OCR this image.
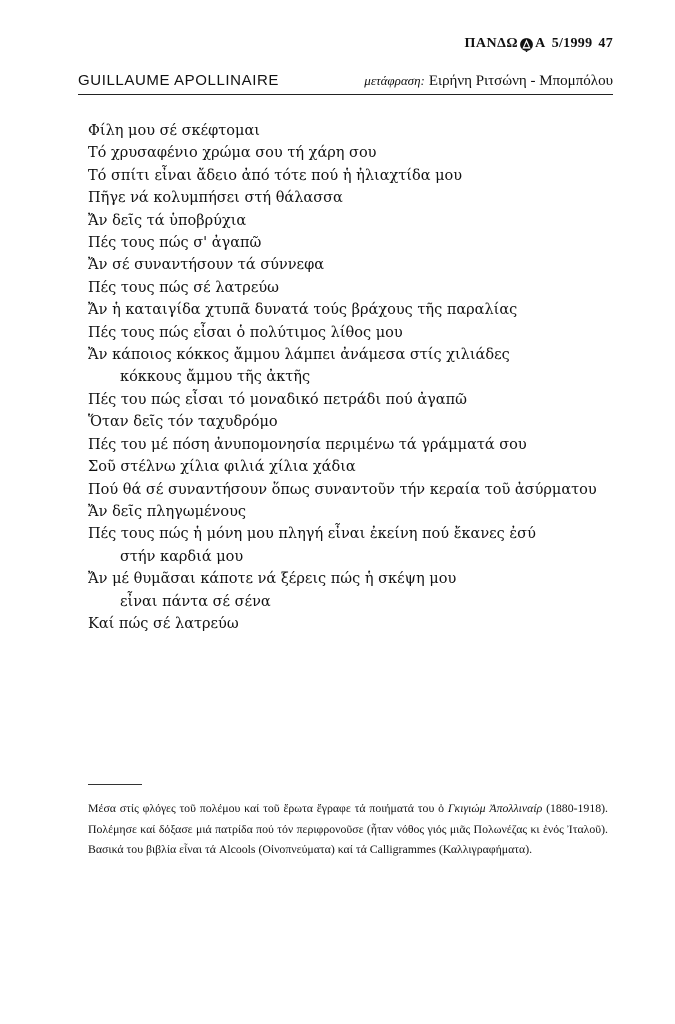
ΠΑΝΔΩ Α 5/1999 47
GUILLAUME APOLLINAIRE	μετάφραση: Ειρήνη Ριτσώνη - Μπομπόλου
Φίλη μου σέ σκέφτομαι
Τό χρυσαφένιο χρώμα σου τή χάρη σου
Τό σπίτι εἶναι ἄδειο ἀπό τότε πού ἡ ἠλιαχτίδα μου
Πῆγε νά κολυμπήσει στή θάλασσα
Ἄν δεῖς τά ὑποβρύχια
Πές τους πώς σ' ἀγαπῶ
Ἄν σέ συναντήσουν τά σύννεφα
Πές τους πώς σέ λατρεύω
Ἄν ἡ καταιγίδα χτυπᾶ δυνατά τούς βράχους τῆς παραλίας
Πές τους πώς εἶσαι ὁ πολύτιμος λίθος μου
Ἄν κάποιος κόκκος ἄμμου λάμπει ἀνάμεσα στίς χιλιάδες
κόκκους ἄμμου τῆς ἀκτῆς
Πές του πώς εἶσαι τό μοναδικό πετράδι πού ἀγαπῶ
Ὅταν δεῖς τόν ταχυδρόμο
Πές του μέ πόση ἀνυπομονησία περιμένω τά γράμματά σου
Σοῦ στέλνω χίλια φιλιά χίλια χάδια
Πού θά σέ συναντήσουν ὅπως συναντοῦν τήν κεραία τοῦ ἀσύρματου
Ἄν δεῖς πληγωμένους
Πές τους πώς ἡ μόνη μου πληγή εἶναι ἐκείνη πού ἔκανες ἐσύ
στήν καρδιά μου
Ἄν μέ θυμᾶσαι κάποτε νά ξέρεις πώς ἡ σκέψη μου
εἶναι πάντα σέ σένα
Καί πώς σέ λατρεύω
Μέσα στίς φλόγες τοῦ πολέμου καί τοῦ ἔρωτα ἔγραφε τά ποιήματά του ὁ Γκιγιώμ Ἀπολλιναίρ (1880-1918). Πολέμησε καί δόξασε μιά πατρίδα πού τόν περιφρονοῦσε (ἦταν νόθος γιός μιᾶς Πολωνέζας κι ἑνός Ἰταλοῦ). Βασικά του βιβλία εἶναι τά Alcools (Οἰνοπνεύματα) καί τά Calligrammes (Καλλιγραφήματα).
